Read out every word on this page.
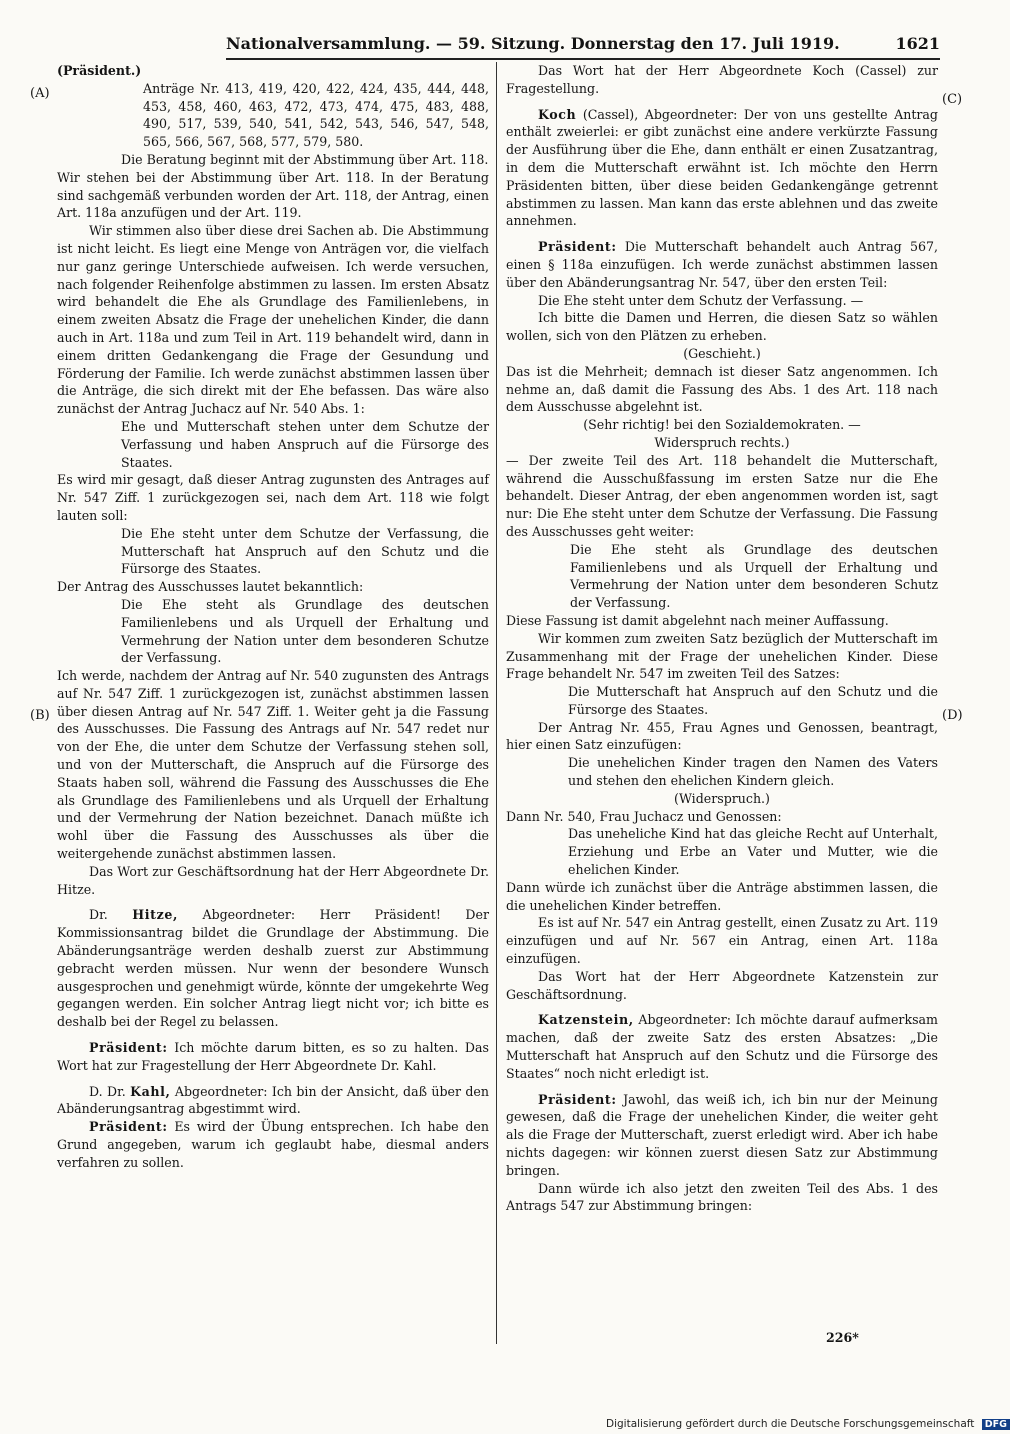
Nationalversammlung. — 59. Sitzung. Donnerstag den 17. Juli 1919.	1621
(A)
(B)
(C)
(D)

(Präsident.)

Anträge Nr. 413, 419, 420, 422, 424, 435, 444, 448, 453, 458, 460, 463, 472, 473, 474, 475, 483, 488, 490, 517, 539, 540, 541, 542, 543, 546, 547, 548, 565, 566, 567, 568, 577, 579, 580.

Die Beratung beginnt mit der Abstimmung über Art. 118.

Wir stehen bei der Abstimmung über Art. 118. In der Beratung sind sachgemäß verbunden worden der Art. 118, der Antrag, einen Art. 118a anzufügen und der Art. 119.

Wir stimmen also über diese drei Sachen ab. Die Abstimmung ist nicht leicht. Es liegt eine Menge von Anträgen vor, die vielfach nur ganz geringe Unterschiede aufweisen. Ich werde versuchen, nach folgender Reihenfolge abstimmen zu lassen. Im ersten Absatz wird behandelt die Ehe als Grundlage des Familienlebens, in einem zweiten Absatz die Frage der unehelichen Kinder, die dann auch in Art. 118a und zum Teil in Art. 119 behandelt wird, dann in einem dritten Gedankengang die Frage der Gesundung und Förderung der Familie. Ich werde zunächst abstimmen lassen über die Anträge, die sich direkt mit der Ehe befassen. Das wäre also zunächst der Antrag Juchacz auf Nr. 540 Abs. 1:

Ehe und Mutterschaft stehen unter dem Schutze der Verfassung und haben Anspruch auf die Fürsorge des Staates.

Es wird mir gesagt, daß dieser Antrag zugunsten des Antrages auf Nr. 547 Ziff. 1 zurückgezogen sei, nach dem Art. 118 wie folgt lauten soll:

Die Ehe steht unter dem Schutze der Verfassung, die Mutterschaft hat Anspruch auf den Schutz und die Fürsorge des Staates.

Der Antrag des Ausschusses lautet bekanntlich:

Die Ehe steht als Grundlage des deutschen Familienlebens und als Urquell der Erhaltung und Vermehrung der Nation unter dem besonderen Schutze der Verfassung.

Ich werde, nachdem der Antrag auf Nr. 540 zugunsten des Antrags auf Nr. 547 Ziff. 1 zurückgezogen ist, zunächst abstimmen lassen über diesen Antrag auf Nr. 547 Ziff. 1. Weiter geht ja die Fassung des Ausschusses. Die Fassung des Antrags auf Nr. 547 redet nur von der Ehe, die unter dem Schutze der Verfassung stehen soll, und von der Mutterschaft, die Anspruch auf die Fürsorge des Staats haben soll, während die Fassung des Ausschusses die Ehe als Grundlage des Familienlebens und als Urquell der Erhaltung und der Vermehrung der Nation bezeichnet. Danach müßte ich wohl über die Fassung des Ausschusses als über die weitergehende zunächst abstimmen lassen.

Das Wort zur Geschäftsordnung hat der Herr Abgeordnete Dr. Hitze.

Dr. Hitze, Abgeordneter: Herr Präsident! Der Kommissionsantrag bildet die Grundlage der Abstimmung. Die Abänderungsanträge werden deshalb zuerst zur Abstimmung gebracht werden müssen. Nur wenn der besondere Wunsch ausgesprochen und genehmigt würde, könnte der umgekehrte Weg gegangen werden. Ein solcher Antrag liegt nicht vor; ich bitte es deshalb bei der Regel zu belassen.

Präsident: Ich möchte darum bitten, es so zu halten. Das Wort hat zur Fragestellung der Herr Abgeordnete Dr. Kahl.

D. Dr. Kahl, Abgeordneter: Ich bin der Ansicht, daß über den Abänderungsantrag abgestimmt wird.

Präsident: Es wird der Übung entsprechen. Ich habe den Grund angegeben, warum ich geglaubt habe, diesmal anders verfahren zu sollen.

Das Wort hat der Herr Abgeordnete Koch (Cassel) zur Fragestellung.

Koch (Cassel), Abgeordneter: Der von uns gestellte Antrag enthält zweierlei: er gibt zunächst eine andere verkürzte Fassung der Ausführung über die Ehe, dann enthält er einen Zusatzantrag, in dem die Mutterschaft erwähnt ist. Ich möchte den Herrn Präsidenten bitten, über diese beiden Gedankengänge getrennt abstimmen zu lassen. Man kann das erste ablehnen und das zweite annehmen.

Präsident: Die Mutterschaft behandelt auch Antrag 567, einen § 118a einzufügen. Ich werde zunächst abstimmen lassen über den Abänderungsantrag Nr. 547, über den ersten Teil:

Die Ehe steht unter dem Schutz der Verfassung. —

Ich bitte die Damen und Herren, die diesen Satz so wählen wollen, sich von den Plätzen zu erheben.

(Geschieht.)

Das ist die Mehrheit; demnach ist dieser Satz angenommen. Ich nehme an, daß damit die Fassung des Abs. 1 des Art. 118 nach dem Ausschusse abgelehnt ist.

(Sehr richtig! bei den Sozialdemokraten. — Widerspruch rechts.)

— Der zweite Teil des Art. 118 behandelt die Mutterschaft, während die Ausschußfassung im ersten Satze nur die Ehe behandelt. Dieser Antrag, der eben angenommen worden ist, sagt nur: Die Ehe steht unter dem Schutze der Verfassung. Die Fassung des Ausschusses geht weiter:

Die Ehe steht als Grundlage des deutschen Familienlebens und als Urquell der Erhaltung und Vermehrung der Nation unter dem besonderen Schutz der Verfassung.

Diese Fassung ist damit abgelehnt nach meiner Auffassung.

Wir kommen zum zweiten Satz bezüglich der Mutterschaft im Zusammenhang mit der Frage der unehelichen Kinder. Diese Frage behandelt Nr. 547 im zweiten Teil des Satzes:

Die Mutterschaft hat Anspruch auf den Schutz und die Fürsorge des Staates.

Der Antrag Nr. 455, Frau Agnes und Genossen, beantragt, hier einen Satz einzufügen:

Die unehelichen Kinder tragen den Namen des Vaters und stehen den ehelichen Kindern gleich.

(Widerspruch.)

Dann Nr. 540, Frau Juchacz und Genossen:

Das uneheliche Kind hat das gleiche Recht auf Unterhalt, Erziehung und Erbe an Vater und Mutter, wie die ehelichen Kinder.

Dann würde ich zunächst über die Anträge abstimmen lassen, die die unehelichen Kinder betreffen.

Es ist auf Nr. 547 ein Antrag gestellt, einen Zusatz zu Art. 119 einzufügen und auf Nr. 567 ein Antrag, einen Art. 118a einzufügen.

Das Wort hat der Herr Abgeordnete Katzenstein zur Geschäftsordnung.

Katzenstein, Abgeordneter: Ich möchte darauf aufmerksam machen, daß der zweite Satz des ersten Absatzes: „Die Mutterschaft hat Anspruch auf den Schutz und die Fürsorge des Staates“ noch nicht erledigt ist.

Präsident: Jawohl, das weiß ich, ich bin nur der Meinung gewesen, daß die Frage der unehelichen Kinder, die weiter geht als die Frage der Mutterschaft, zuerst erledigt wird. Aber ich habe nichts dagegen: wir können zuerst diesen Satz zur Abstimmung bringen.

Dann würde ich also jetzt den zweiten Teil des Abs. 1 des Antrags 547 zur Abstimmung bringen:

226*
Digitalisierung gefördert durch die Deutsche Forschungsgemeinschaft DFG
